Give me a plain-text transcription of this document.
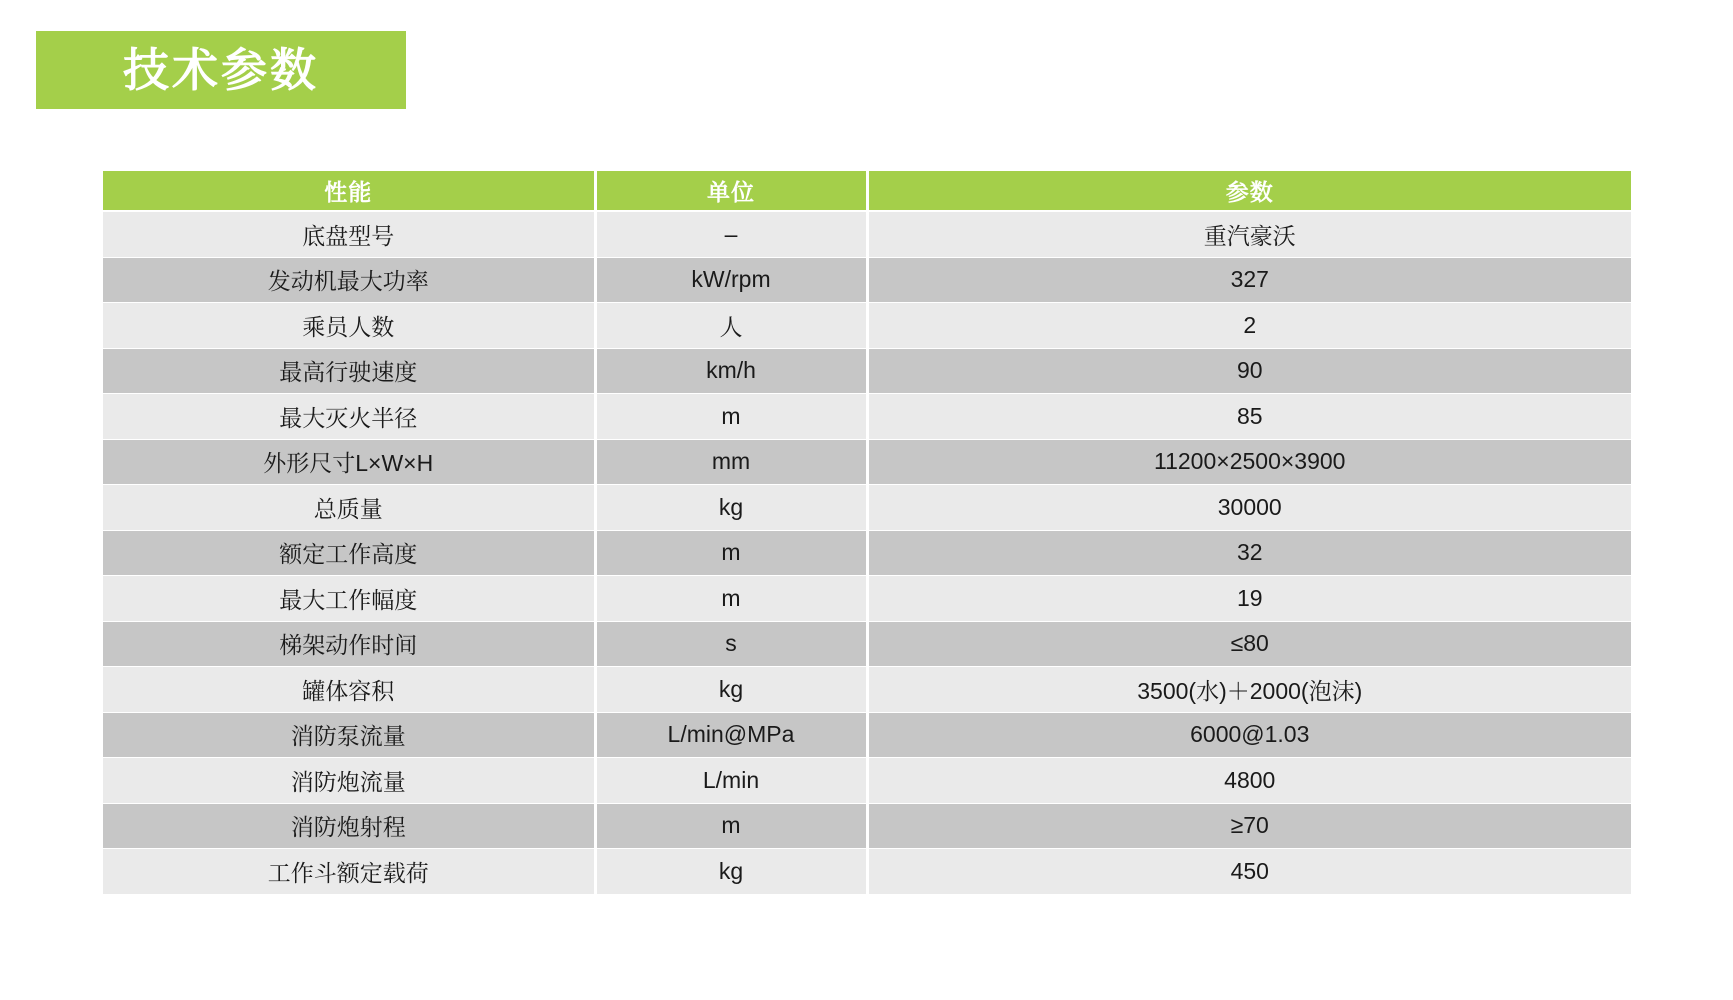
技术参数
性能	单位	参数
底盘型号	–	重汽豪沃
发动机最大功率	kW/rpm	327
乘员人数	人	2
最高行驶速度	km/h	90
最大灭火半径	m	85
外形尺寸L×W×H	mm	11200×2500×3900
总质量	kg	30000
额定工作高度	m	32
最大工作幅度	m	19
梯架动作时间	s	≤80
罐体容积	kg	3500(水)＋2000(泡沫)
消防泵流量	L/min@MPa	6000@1.03
消防炮流量	L/min	4800
消防炮射程	m	≥70
工作斗额定载荷	kg	450
